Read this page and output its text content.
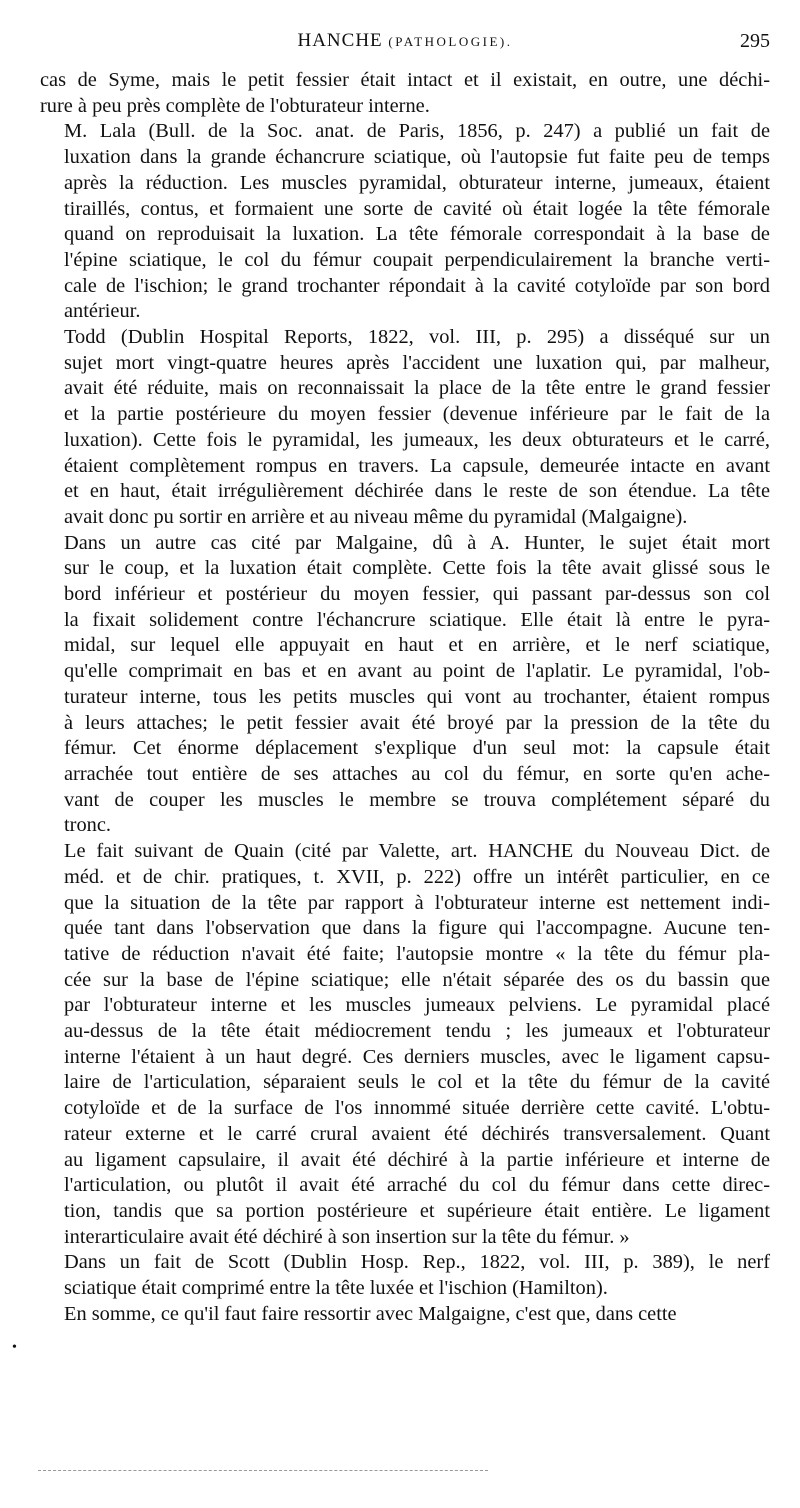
HANCHE (PATHOLOGIE).	295

cas de Syme, mais le petit fessier était intact et il existait, en outre, une déchi-
rure à peu près complète de l'obturateur interne.

M. Lala (Bull. de la Soc. anat. de Paris, 1856, p. 247) a publié un fait de
luxation dans la grande échancrure sciatique, où l'autopsie fut faite peu de temps
après la réduction. Les muscles pyramidal, obturateur interne, jumeaux, étaient
tiraillés, contus, et formaient une sorte de cavité où était logée la tête fémorale
quand on reproduisait la luxation. La tête fémorale correspondait à la base de
l'épine sciatique, le col du fémur coupait perpendiculairement la branche verti-
cale de l'ischion; le grand trochanter répondait à la cavité cotyloïde par son bord
antérieur.

Todd (Dublin Hospital Reports, 1822, vol. III, p. 295) a disséqué sur un
sujet mort vingt-quatre heures après l'accident une luxation qui, par malheur,
avait été réduite, mais on reconnaissait la place de la tête entre le grand fessier
et la partie postérieure du moyen fessier (devenue inférieure par le fait de la
luxation). Cette fois le pyramidal, les jumeaux, les deux obturateurs et le carré,
étaient complètement rompus en travers. La capsule, demeurée intacte en avant
et en haut, était irrégulièrement déchirée dans le reste de son étendue. La tête
avait donc pu sortir en arrière et au niveau même du pyramidal (Malgaigne).

Dans un autre cas cité par Malgaine, dû à A. Hunter, le sujet était mort
sur le coup, et la luxation était complète. Cette fois la tête avait glissé sous le
bord inférieur et postérieur du moyen fessier, qui passant par-dessus son col
la fixait solidement contre l'échancrure sciatique. Elle était là entre le pyra-
midal, sur lequel elle appuyait en haut et en arrière, et le nerf sciatique,
qu'elle comprimait en bas et en avant au point de l'aplatir. Le pyramidal, l'ob-
turateur interne, tous les petits muscles qui vont au trochanter, étaient rompus
à leurs attaches; le petit fessier avait été broyé par la pression de la tête du
fémur. Cet énorme déplacement s'explique d'un seul mot: la capsule était
arrachée tout entière de ses attaches au col du fémur, en sorte qu'en ache-
vant de couper les muscles le membre se trouva complétement séparé du
tronc.

Le fait suivant de Quain (cité par Valette, art. HANCHE du Nouveau Dict. de
méd. et de chir. pratiques, t. XVII, p. 222) offre un intérêt particulier, en ce
que la situation de la tête par rapport à l'obturateur interne est nettement indi-
quée tant dans l'observation que dans la figure qui l'accompagne. Aucune ten-
tative de réduction n'avait été faite; l'autopsie montre « la tête du fémur pla-
cée sur la base de l'épine sciatique; elle n'était séparée des os du bassin que
par l'obturateur interne et les muscles jumeaux pelviens. Le pyramidal placé
au-dessus de la tête était médiocrement tendu ; les jumeaux et l'obturateur
interne l'étaient à un haut degré. Ces derniers muscles, avec le ligament capsu-
laire de l'articulation, séparaient seuls le col et la tête du fémur de la cavité
cotyloïde et de la surface de l'os innommé située derrière cette cavité. L'obtu-
rateur externe et le carré crural avaient été déchirés transversalement. Quant
au ligament capsulaire, il avait été déchiré à la partie inférieure et interne de
l'articulation, ou plutôt il avait été arraché du col du fémur dans cette direc-
tion, tandis que sa portion postérieure et supérieure était entière. Le ligament
interarticulaire avait été déchiré à son insertion sur la tête du fémur. »

Dans un fait de Scott (Dublin Hosp. Rep., 1822, vol. III, p. 389), le nerf
sciatique était comprimé entre la tête luxée et l'ischion (Hamilton).

En somme, ce qu'il faut faire ressortir avec Malgaigne, c'est que, dans cette

•
